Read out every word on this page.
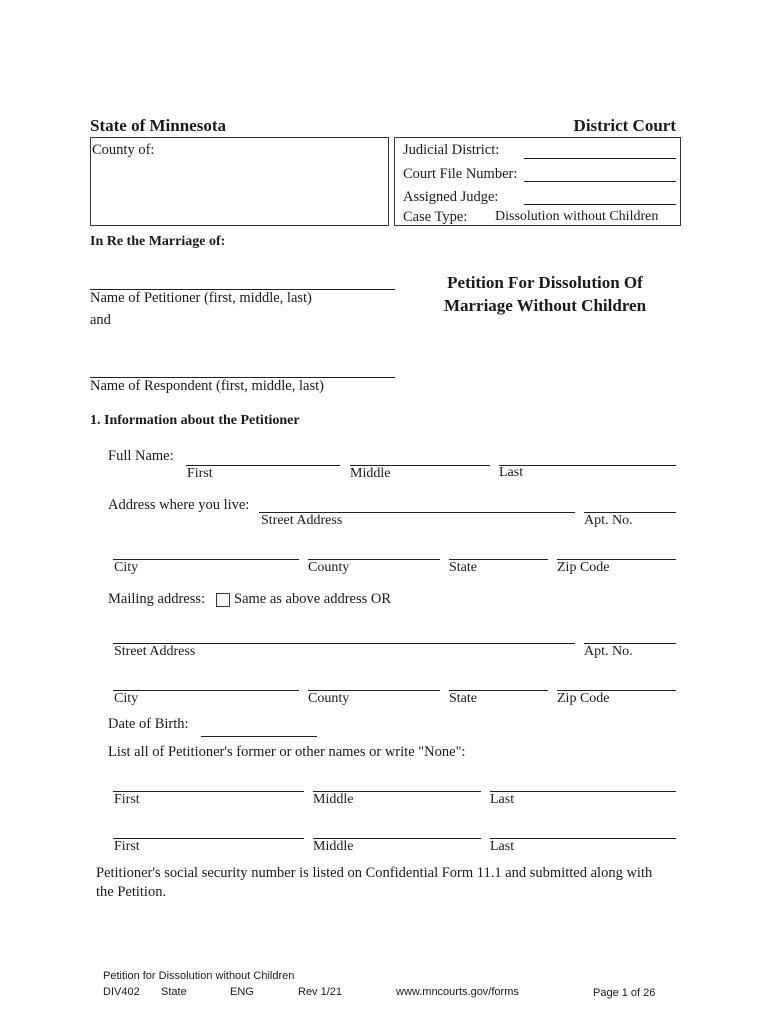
State of Minnesota	District Court
County of:	Judicial District:
Court File Number:
Assigned Judge:
Case Type: Dissolution without Children
In Re the Marriage of:
Name of Petitioner (first, middle, last)
and
Name of Respondent (first, middle, last)
Petition For Dissolution Of
Marriage Without Children
1. Information about the Petitioner
Full Name:
First	Middle	Last
Address where you live:
Street Address	Apt. No.
City	County	State	Zip Code
Mailing address: Same as above address OR
Street Address	Apt. No.
City	County	State	Zip Code
Date of Birth:
List all of Petitioner's former or other names or write "None":
First	Middle	Last
First	Middle	Last
Petitioner's social security number is listed on Confidential Form 11.1 and submitted along with
the Petition.
Petition for Dissolution without Children
DIV402 State	ENG	Rev 1/21	www.mncourts.gov/forms	Page 1 of 26
